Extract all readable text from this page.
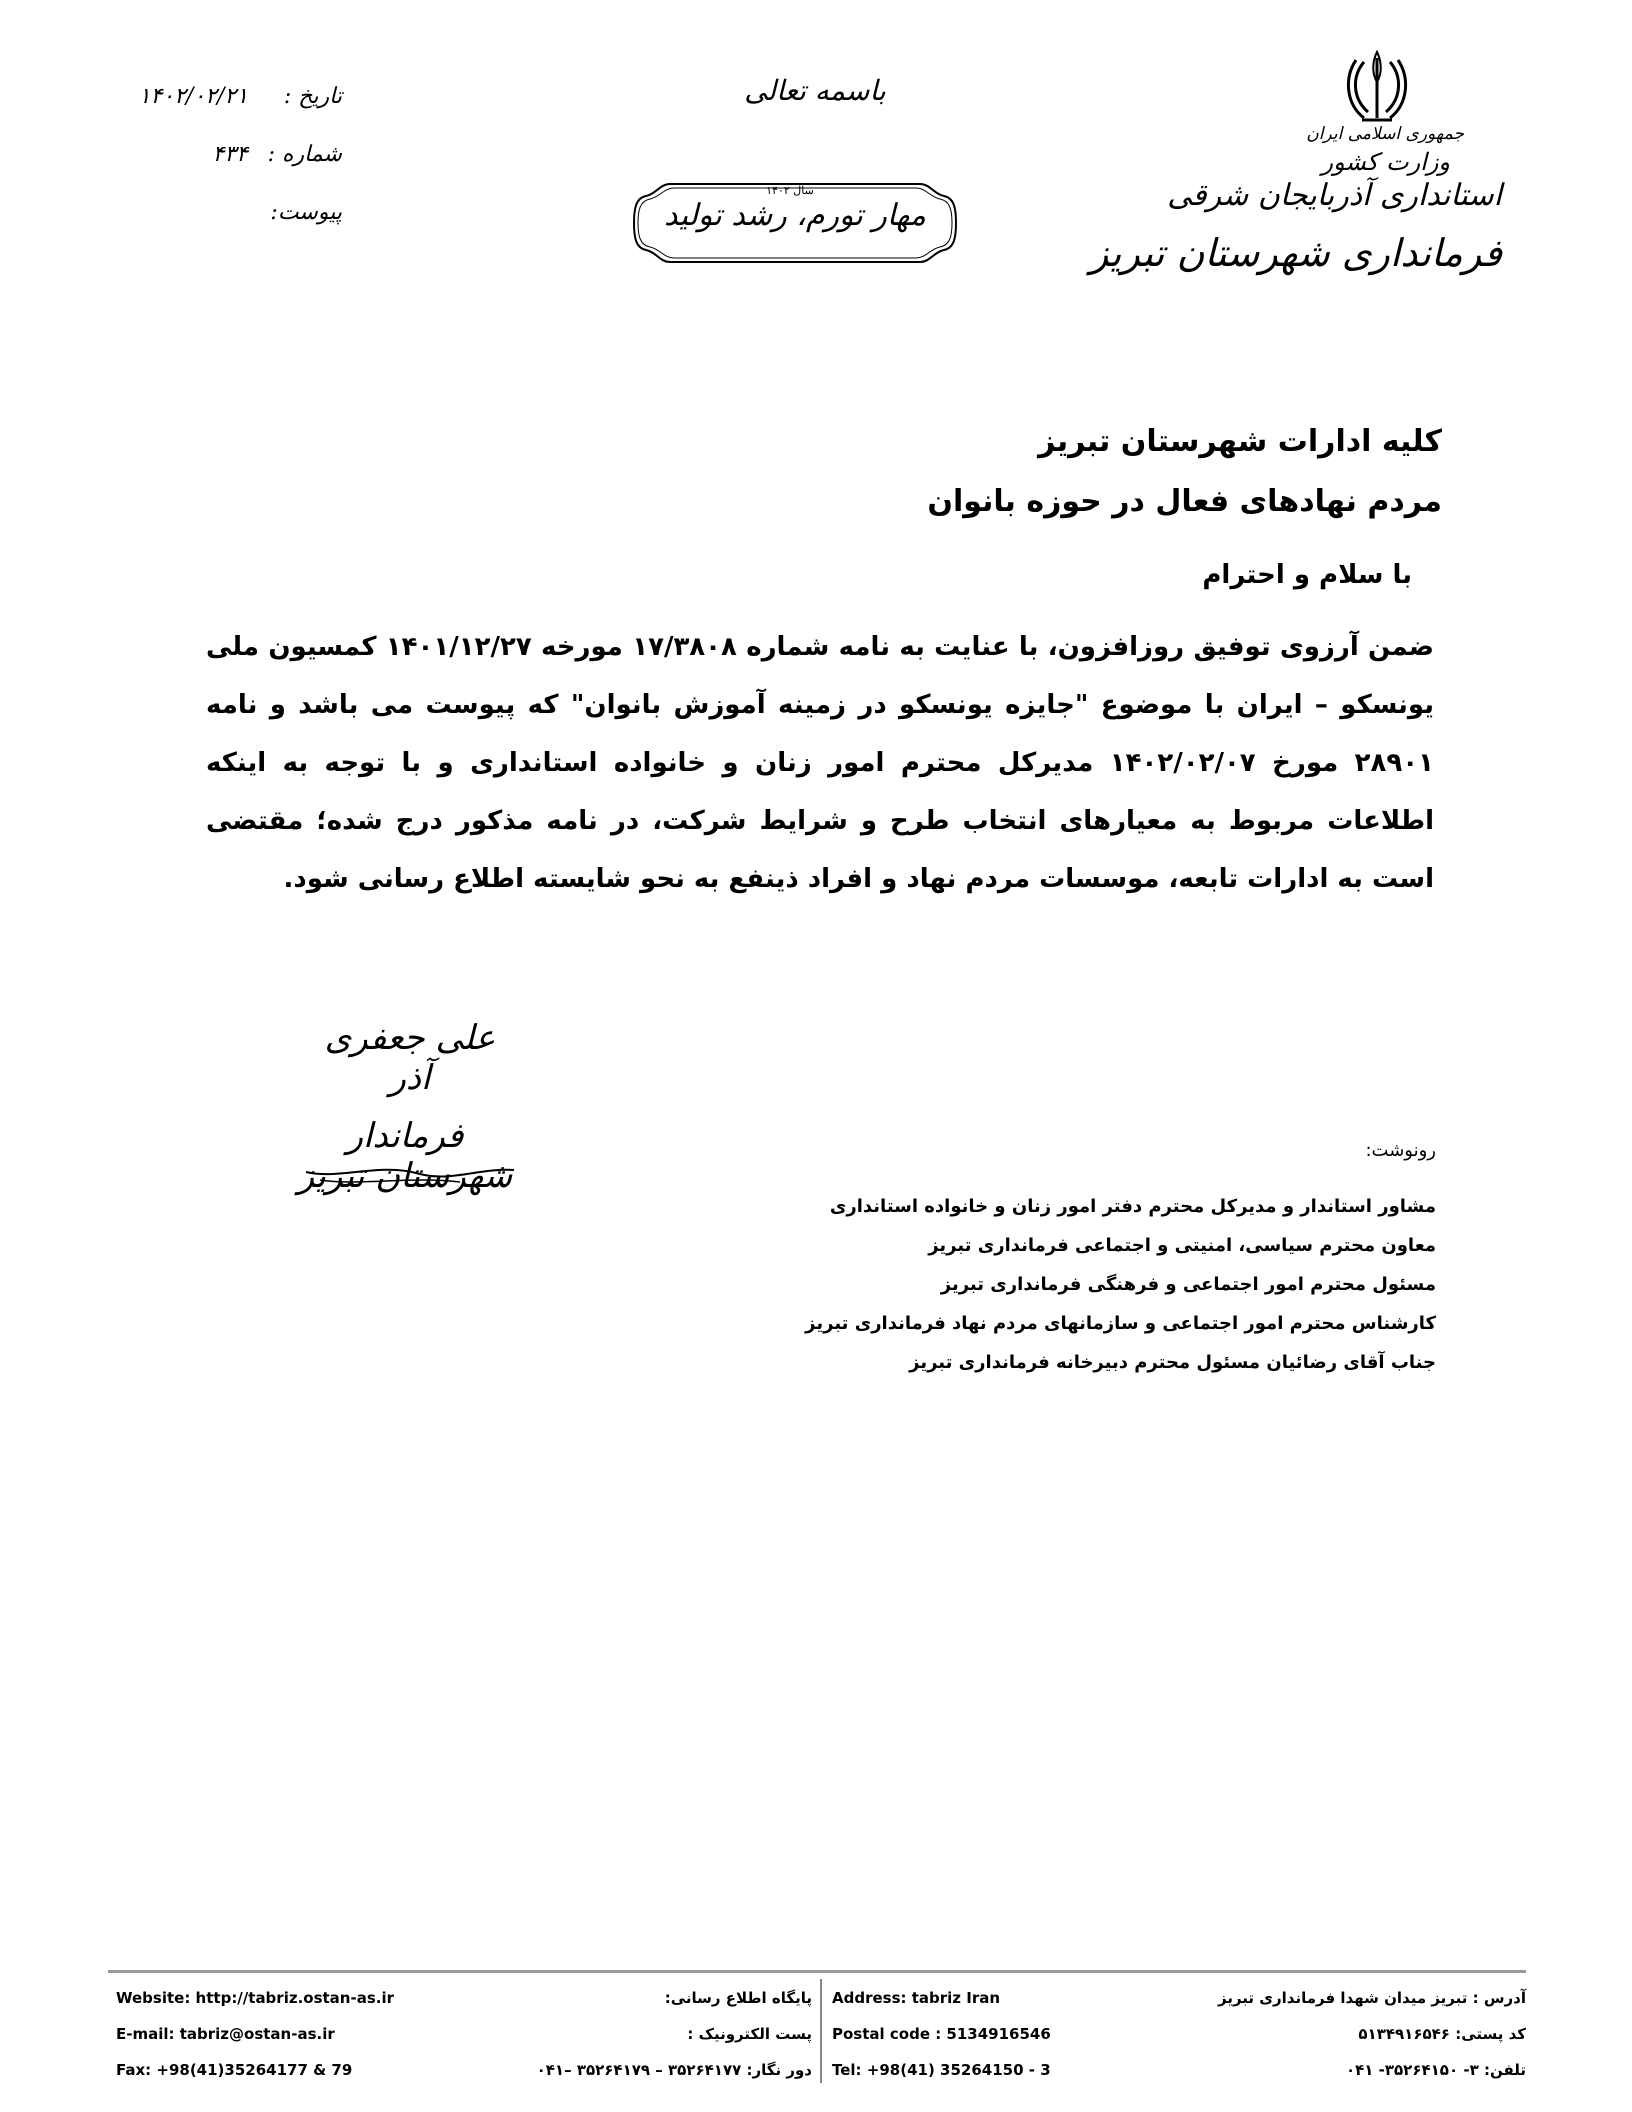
جمهوری اسلامی ایران
وزارت کشور
استانداری آذربایجان شرقی
فرمانداری شهرستان تبریز
باسمه تعالی
سال ۱۴۰۲
مهار تورم، رشد تولید
تاریخ :
۱۴۰۲/۰۲/۲۱
شماره :
۴۳۴
پیوست:
کلیه ادارات شهرستان تبریز
مردم نهادهای فعال در حوزه بانوان
با سلام و احترام
ضمن آرزوی توفیق روزافزون، با عنایت به نامه شماره ۱۷/۳۸۰۸ مورخه ۱۴۰۱/۱۲/۲۷ کمسیون ملی یونسکو – ایران با موضوع "جایزه یونسکو در زمینه آموزش بانوان" که پیوست می باشد و نامه ۲۸۹۰۱ مورخ ۱۴۰۲/۰۲/۰۷ مدیرکل محترم امور زنان و خانواده استانداری و با توجه به اینکه اطلاعات مربوط به معیارهای انتخاب طرح و شرایط شرکت، در نامه مذکور درج شده؛ مقتضی است به ادارات تابعه، موسسات مردم نهاد و افراد ذینفع به نحو شایسته اطلاع رسانی شود.
علی جعفری آذر
فرماندار شهرستان تبریز
رونوشت:
مشاور استاندار و مدیرکل محترم دفتر امور زنان و خانواده استانداری
معاون محترم سیاسی، امنیتی و اجتماعی فرمانداری تبریز
مسئول محترم امور اجتماعی و فرهنگی فرمانداری تبریز
کارشناس محترم امور اجتماعی و سازمانهای مردم نهاد فرمانداری تبریز
جناب آقای رضائیان مسئول محترم دبیرخانه فرمانداری تبریز
Website: http://tabriz.ostan-as.ir
E-mail: tabriz@ostan-as.ir
Fax: +98(41)35264177 & 79
پایگاه اطلاع رسانی:
پست الکترونیک :
دور نگار: ۳۵۲۶۴۱۷۷ – ۳۵۲۶۴۱۷۹ –۰۴۱
Address: tabriz Iran
Postal code : 5134916546
Tel: +98(41) 35264150 - 3
آدرس : تبریز میدان شهدا فرمانداری تبریز
کد پستی: ۵۱۳۴۹۱۶۵۴۶
تلفن: ۳- ۳۵۲۶۴۱۵۰- ۰۴۱
